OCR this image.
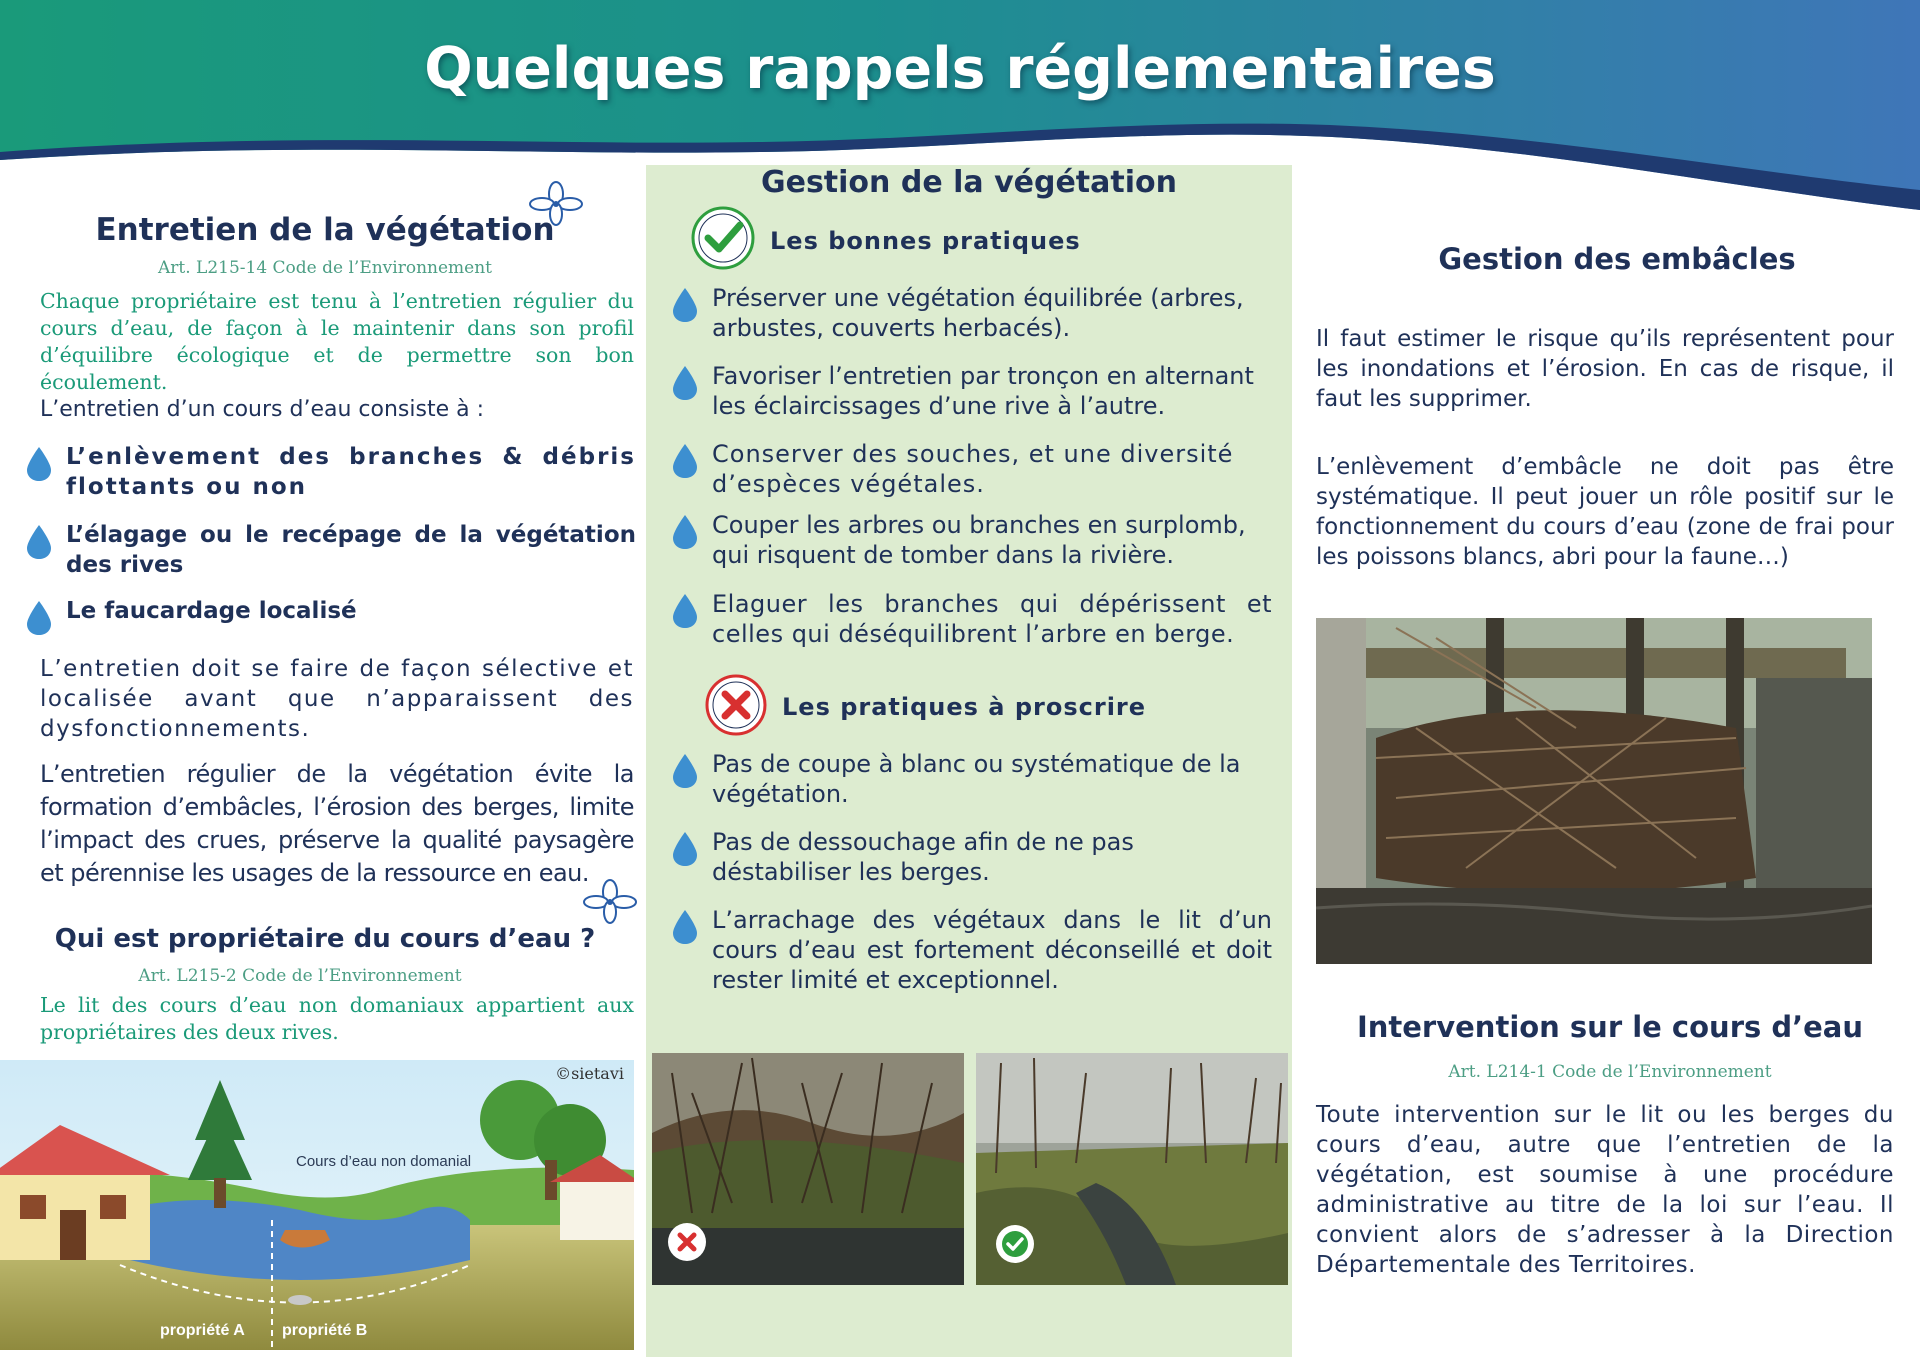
Quelques rappels réglementaires
Gestion de la végétation
Les bonnes pratiques
Préserver une végétation équilibrée (arbres, arbustes, couverts herbacés).
Favoriser l’entretien par tronçon en alternant les éclaircissages d’une rive à l’autre.
Conserver des souches, et une diversité d’espèces végétales.
Couper les arbres ou branches en surplomb, qui risquent de tomber dans la rivière.
Elaguer les branches qui dépérissent et celles qui déséquilibrent l’arbre en berge.
Les pratiques à proscrire
Pas de coupe à blanc ou systématique de la végétation.
Pas de dessouchage afin de ne pas déstabiliser les berges.
L’arrachage des végétaux dans le lit d’un cours d’eau est fortement déconseillé et doit rester limité et exceptionnel.
Entretien de la végétation
Art. L215-14 Code de l’Environnement
Chaque propriétaire est tenu à l’entretien régulier du cours d’eau, de façon à le maintenir dans son profil d’équilibre écologique et de permettre son bon écoulement.
L’entretien d’un cours d’eau consiste à :
L’enlèvement des branches & débris flottants ou non
L’élagage ou le recépage de la végétation des rives
Le faucardage localisé
L’entretien doit se faire de façon sélective et localisée avant que n’apparaissent des dysfonctionnements.
L’entretien régulier de la végétation évite la formation d’embâcles, l’érosion des berges, limite l’impact des crues, préserve la qualité paysagère et pérennise les usages de la ressource en eau.
Qui est propriétaire du cours d’eau ?
Art. L215-2 Code de l’Environnement
Le lit des cours d’eau non domaniaux appartient aux propriétaires des deux rives.
©sietavi
Cours d’eau non domanial
propriété A propriété B
Gestion des embâcles
Il faut estimer le risque qu’ils représentent pour les inondations et l’érosion. En cas de risque, il faut les supprimer.
L’enlèvement d’embâcle ne doit pas être systématique. Il peut jouer un rôle positif sur le fonctionnement du cours d’eau (zone de frai pour les poissons blancs, abri pour la faune…)
Intervention sur le cours d’eau
Art. L214-1 Code de l’Environnement
Toute intervention sur le lit ou les berges du cours d’eau, autre que l’entretien de la végétation, est soumise à une procédure administrative au titre de la loi sur l’eau. Il convient alors de s’adresser à la Direction Départementale des Territoires.
